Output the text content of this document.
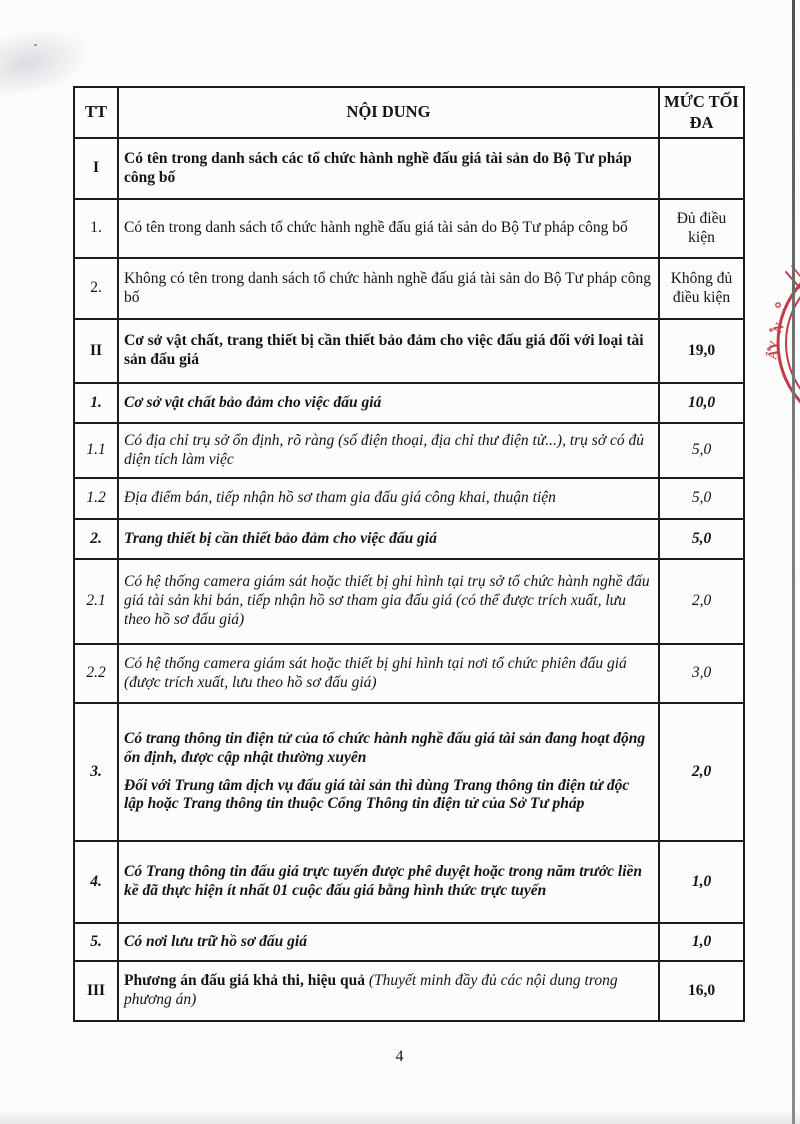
TT	NỘI DUNG	MỨC TỐI ĐA
I	Có tên trong danh sách các tổ chức hành nghề đấu giá tài sản do Bộ Tư pháp công bố	

1.	Có tên trong danh sách tổ chức hành nghề đấu giá tài sản do Bộ Tư pháp công bố	Đủ điều kiện
2.	Không có tên trong danh sách tổ chức hành nghề đấu giá tài sản do Bộ Tư pháp công bố	Không đủ điều kiện
II	Cơ sở vật chất, trang thiết bị cần thiết bảo đảm cho việc đấu giá đối với loại tài sản đấu giá	19,0
1.	Cơ sở vật chất bảo đảm cho việc đấu giá	10,0
1.1	Có địa chỉ trụ sở ổn định, rõ ràng (số điện thoại, địa chỉ thư điện tử...), trụ sở có đủ diện tích làm việc	5,0
1.2	Địa điểm bán, tiếp nhận hồ sơ tham gia đấu giá công khai, thuận tiện	5,0
2.	Trang thiết bị cần thiết bảo đảm cho việc đấu giá	5,0
2.1	Có hệ thống camera giám sát hoặc thiết bị ghi hình tại trụ sở tổ chức hành nghề đấu giá tài sản khi bán, tiếp nhận hồ sơ tham gia đấu giá (có thể được trích xuất, lưu theo hồ sơ đấu giá)	2,0
2.2	Có hệ thống camera giám sát hoặc thiết bị ghi hình tại nơi tổ chức phiên đấu giá (được trích xuất, lưu theo hồ sơ đấu giá)	3,0
3.	Có trang thông tin điện tử của tổ chức hành nghề đấu giá tài sản đang hoạt động ổn định, được cập nhật thường xuyên

Đối với Trung tâm dịch vụ đấu giá tài sản thì dùng Trang thông tin điện tử độc lập hoặc Trang thông tin thuộc Cổng Thông tin điện tử của Sở Tư pháp	2,0
4.	Có Trang thông tin đấu giá trực tuyến được phê duyệt hoặc trong năm trước liền kề đã thực hiện ít nhất 01 cuộc đấu giá bằng hình thức trực tuyến	1,0
5.	Có nơi lưu trữ hồ sơ đấu giá	1,0
III	Phương án đấu giá khả thi, hiệu quả (Thuyết minh đầy đủ các nội dung trong phương án)	16,0
N
ÂY
4
